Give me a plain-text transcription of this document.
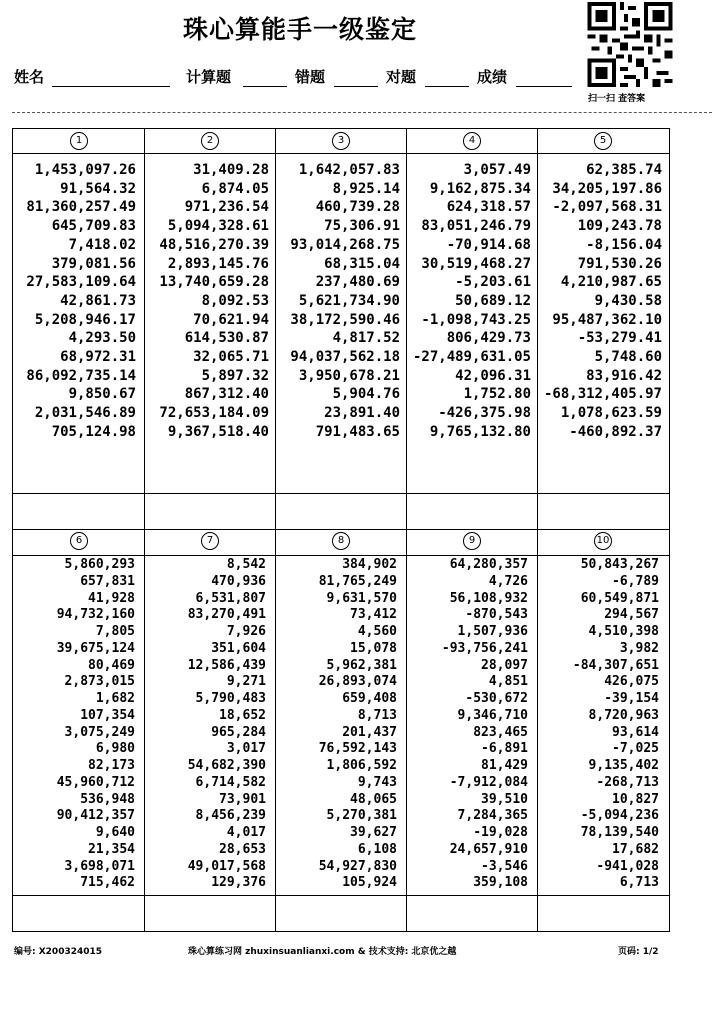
珠心算能手一级鉴定
扫一扫 查答案
姓名	计算题	错题	对题	成绩
1
1,453,097.26
91,564.32
81,360,257.49
645,709.83
7,418.02
379,081.56
27,583,109.64
42,861.73
5,208,946.17
4,293.50
68,972.31
86,092,735.14
9,850.67
2,031,546.89
705,124.98
2
31,409.28
6,874.05
971,236.54
5,094,328.61
48,516,270.39
2,893,145.76
13,740,659.28
8,092.53
70,621.94
614,530.87
32,065.71
5,897.32
867,312.40
72,653,184.09
9,367,518.40
3
1,642,057.83
8,925.14
460,739.28
75,306.91
93,014,268.75
68,315.04
237,480.69
5,621,734.90
38,172,590.46
4,817.52
94,037,562.18
3,950,678.21
5,904.76
23,891.40
791,483.65
4
3,057.49
9,162,875.34
624,318.57
83,051,246.79
-70,914.68
30,519,468.27
-5,203.61
50,689.12
-1,098,743.25
806,429.73
-27,489,631.05
42,096.31
1,752.80
-426,375.98
9,765,132.80
5
62,385.74
34,205,197.86
-2,097,568.31
109,243.78
-8,156.04
791,530.26
4,210,987.65
9,430.58
95,487,362.10
-53,279.41
5,748.60
83,916.42
-68,312,405.97
1,078,623.59
-460,892.37
6
5,860,293
657,831
41,928
94,732,160
7,805
39,675,124
80,469
2,873,015
1,682
107,354
3,075,249
6,980
82,173
45,960,712
536,948
90,412,357
9,640
21,354
3,698,071
715,462
7
8,542
470,936
6,531,807
83,270,491
7,926
351,604
12,586,439
9,271
5,790,483
18,652
965,284
3,017
54,682,390
6,714,582
73,901
8,456,239
4,017
28,653
49,017,568
129,376
8
384,902
81,765,249
9,631,570
73,412
4,560
15,078
5,962,381
26,893,074
659,408
8,713
201,437
76,592,143
1,806,592
9,743
48,065
5,270,381
39,627
6,108
54,927,830
105,924
9
64,280,357
4,726
56,108,932
-870,543
1,507,936
-93,756,241
28,097
4,851
-530,672
9,346,710
823,465
-6,891
81,429
-7,912,084
39,510
7,284,365
-19,028
24,657,910
-3,546
359,108
10
50,843,267
-6,789
60,549,871
294,567
4,510,398
3,982
-84,307,651
426,075
-39,154
8,720,963
93,614
-7,025
9,135,402
-268,713
10,827
-5,094,236
78,139,540
17,682
-941,028
6,713
编号: X200324015	珠心算练习网 zhuxinsuanlianxi.com & 技术支持: 北京优之越	页码: 1/2
